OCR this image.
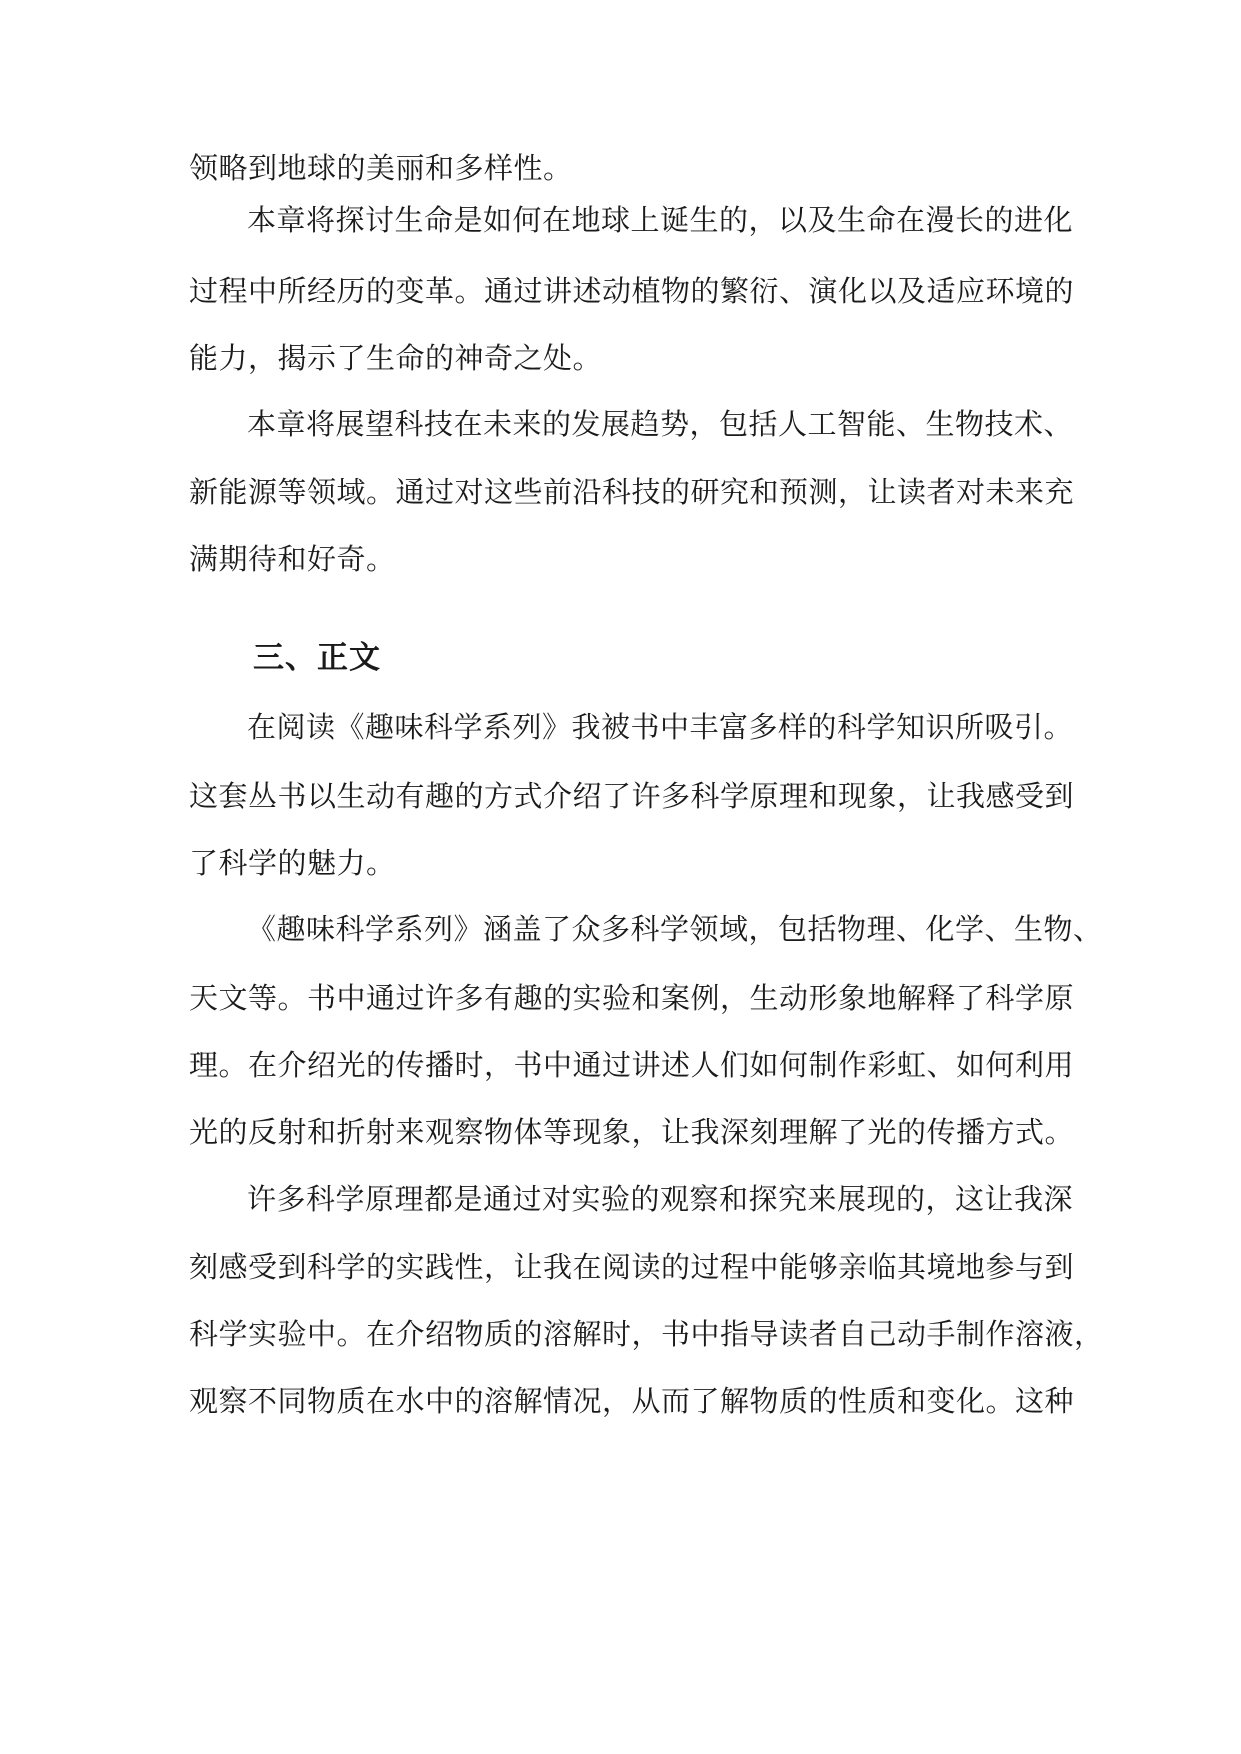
领略到地球的美丽和多样性。
本章将探讨生命是如何在地球上诞生的，以及生命在漫长的进化
过程中所经历的变革。通过讲述动植物的繁衍、演化以及适应环境的
能力，揭示了生命的神奇之处。
本章将展望科技在未来的发展趋势，包括人工智能、生物技术、
新能源等领域。通过对这些前沿科技的研究和预测，让读者对未来充
满期待和好奇。
三、正文
在阅读《趣味科学系列》我被书中丰富多样的科学知识所吸引。
这套丛书以生动有趣的方式介绍了许多科学原理和现象，让我感受到
了科学的魅力。
《趣味科学系列》涵盖了众多科学领域，包括物理、化学、生物、
天文等。书中通过许多有趣的实验和案例，生动形象地解释了科学原
理。在介绍光的传播时，书中通过讲述人们如何制作彩虹、如何利用
光的反射和折射来观察物体等现象，让我深刻理解了光的传播方式。
许多科学原理都是通过对实验的观察和探究来展现的，这让我深
刻感受到科学的实践性，让我在阅读的过程中能够亲临其境地参与到
科学实验中。在介绍物质的溶解时，书中指导读者自己动手制作溶液，
观察不同物质在水中的溶解情况，从而了解物质的性质和变化。这种
